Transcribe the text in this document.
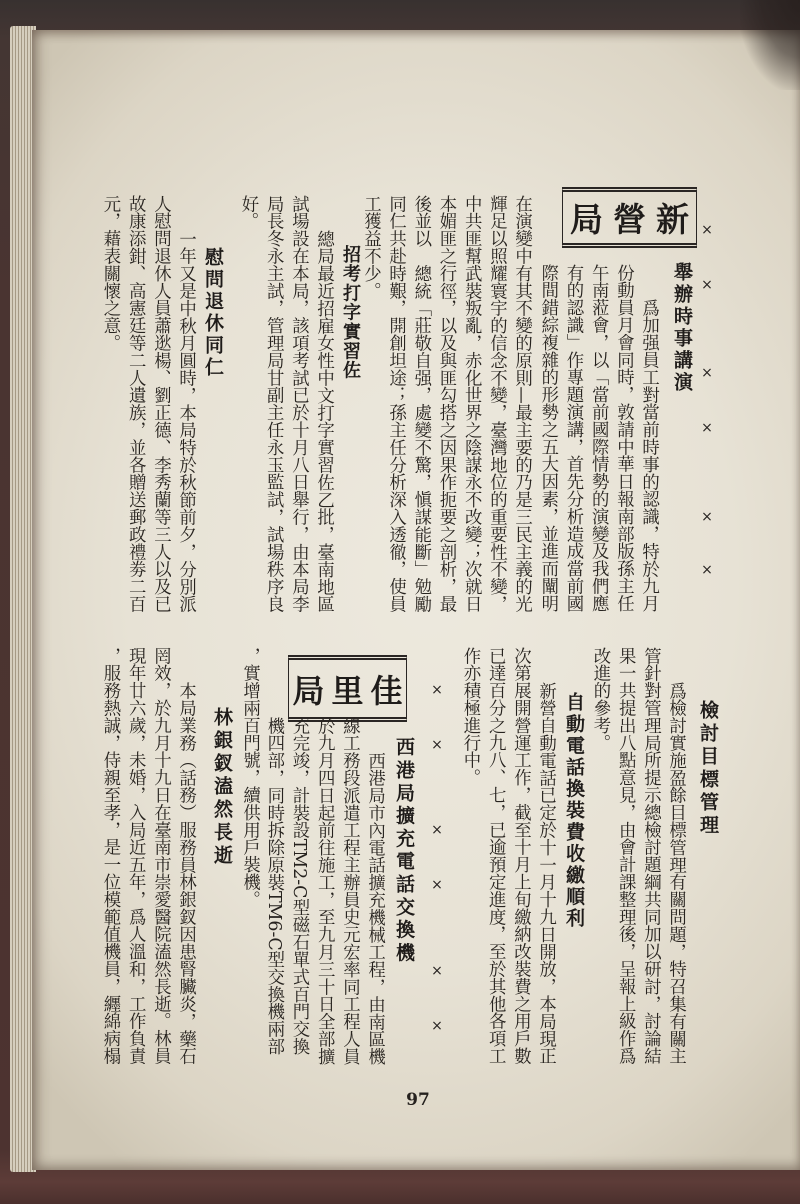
×
×
×
×
×
×
新營局
舉辦時事講演
爲加强員工對當前時事的認識，特於九月
份動員月會同時，敦請中華日報南部版孫主任
午南蒞會，以「當前國際情勢的演變及我們應
有的認識」作專題演講，首先分析造成當前國
際間錯綜複雜的形勢之五大因素，並進而闡明
在演變中有其不變的原則—最主要的乃是三民主義的光
輝足以照耀寰宇的信念不變，臺灣地位的重要性不變，
中共匪幫武裝叛亂，赤化世界之陰謀永不改變；次就日
本媚匪之行徑，以及與匪勾搭之因果作扼要之剖析，最
後並以　總統「莊敬自强，處變不驚，愼謀能斷」勉勵
同仁共赴時艱，開創坦途；孫主任分析深入透徹，使員
工獲益不少。
招考打字實習佐
總局最近招雇女性中文打字實習佐乙批，臺南地區
試場設在本局，該項考試已於十月八日舉行，由本局李
局長冬永主試，管理局甘副主任永玉監試，試場秩序良
好。
慰問退休同仁
一年又是中秋月圓時，本局特於秋節前夕，分別派
人慰問退休人員蕭逖楊、劉正德、李秀蘭等三人以及已
故康添鉗、高憲廷等二人遺族，並各贈送郵政禮劵二百
元，藉表關懷之意。
檢討目標管理
爲檢討實施盈餘目標管理有關問題，特召集有關主
管針對管理局所提示總檢討題綱共同加以研討，討論結
果一共提出八點意見，由會計課整理後，呈報上級作爲
改進的參考。
自動電話換裝費收繳順利
新營自動電話已定於十一月十九日開放，本局現正
次第展開營運工作，截至十月上旬繳納改裝費之用戶數
已達百分之九八、七，已逾預定進度，至於其他各項工
作亦積極進行中。
×
×
×
×
×
×
佳里局
西港局擴充電話交換機
西港局市內電話擴充機械工程，由南區機
線工務段派遣工程主辦員史元宏率同工程人員
於九月四日起前往施工，至九月三十日全部擴
充完竣，計裝設TM2-C型磁石單式百門交換
機四部，同時拆除原裝TM6-C型交換機兩部
，實增兩百門號，續供用戶裝機。
林銀釵溘然長逝
本局業務（話務）服務員林銀釵因患腎臟炎，藥石
罔效，於九月十九日在臺南市崇愛醫院溘然長逝。林員
現年廿六歲，未婚，入局近五年，爲人溫和，工作負責
，服務熱誠，侍親至孝，是一位模範值機員，纒綿病榻
97
